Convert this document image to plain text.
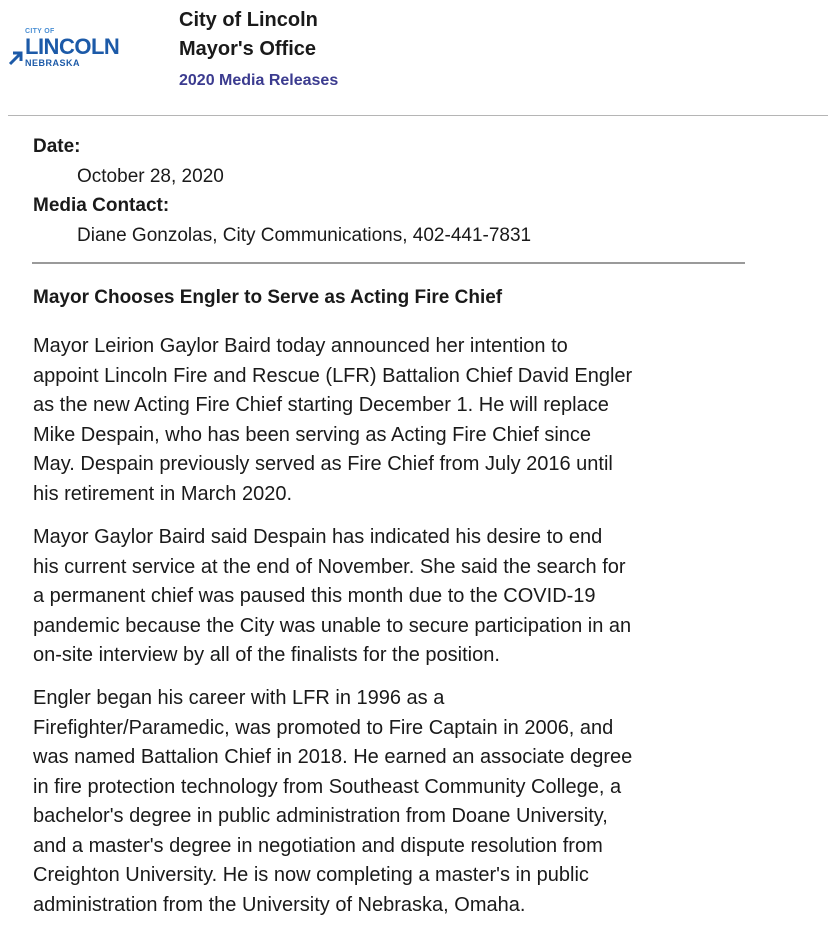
CITY OF
LINCOLN
NEBRASKA
City of Lincoln
Mayor's Office
2020 Media Releases
Date:
October 28, 2020
Media Contact:
Diane Gonzolas, City Communications, 402-441-7831
Mayor Chooses Engler to Serve as Acting Fire Chief

Mayor Leirion Gaylor Baird today announced her intention to
appoint Lincoln Fire and Rescue (LFR) Battalion Chief David Engler
as the new Acting Fire Chief starting December 1. He will replace
Mike Despain, who has been serving as Acting Fire Chief since
May. Despain previously served as Fire Chief from July 2016 until
his retirement in March 2020.

Mayor Gaylor Baird said Despain has indicated his desire to end
his current service at the end of November. She said the search for
a permanent chief was paused this month due to the COVID-19
pandemic because the City was unable to secure participation in an
on-site interview by all of the finalists for the position.

Engler began his career with LFR in 1996 as a
Firefighter/Paramedic, was promoted to Fire Captain in 2006, and
was named Battalion Chief in 2018. He earned an associate degree
in fire protection technology from Southeast Community College, a
bachelor's degree in public administration from Doane University,
and a master's degree in negotiation and dispute resolution from
Creighton University. He is now completing a master's in public
administration from the University of Nebraska, Omaha.
